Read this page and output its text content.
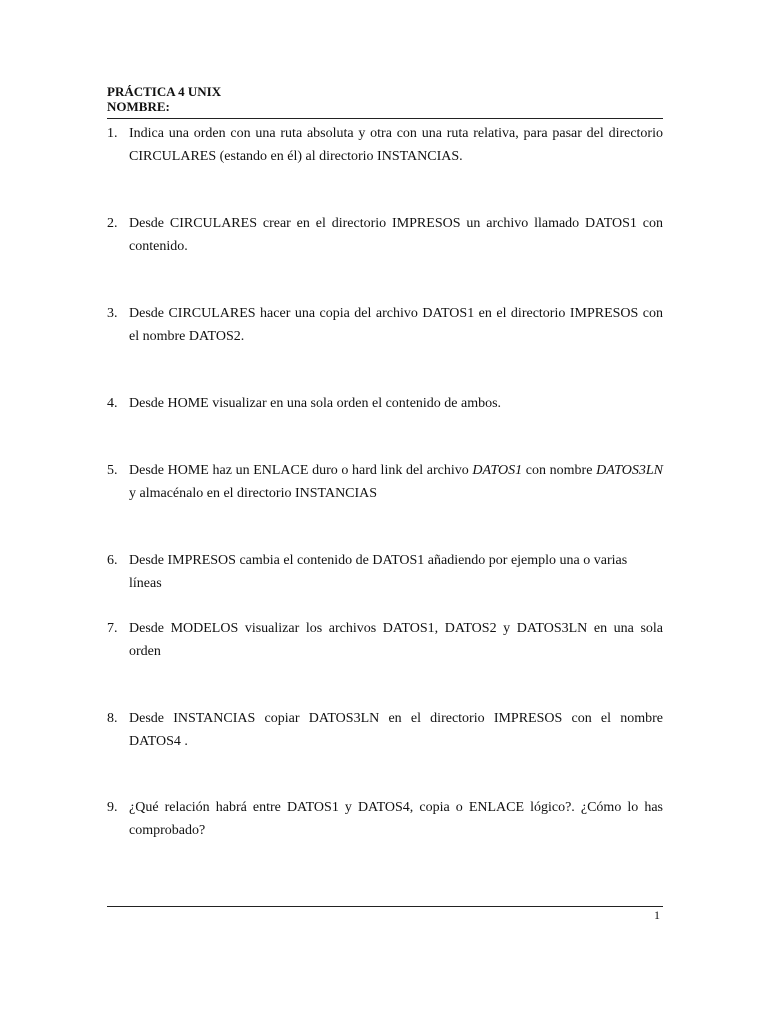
PRÁCTICA 4 UNIX
NOMBRE:
1. Indica una orden con una ruta absoluta y otra con una ruta relativa, para pasar del directorio
CIRCULARES (estando en él) al directorio INSTANCIAS.
2. Desde CIRCULARES crear en el directorio IMPRESOS un archivo llamado DATOS1 con
contenido.
3. Desde CIRCULARES hacer una copia del archivo DATOS1 en el directorio IMPRESOS con
el nombre DATOS2.
4. Desde HOME visualizar en una sola orden el contenido de ambos.
5. Desde HOME haz un ENLACE duro o hard link del archivo DATOS1 con nombre DATOS3LN
y almacénalo en el directorio INSTANCIAS
6. Desde IMPRESOS cambia el contenido de DATOS1 añadiendo por ejemplo una o varias líneas
7. Desde MODELOS visualizar los archivos DATOS1, DATOS2 y DATOS3LN en una sola
orden
8. Desde INSTANCIAS copiar DATOS3LN en el directorio IMPRESOS con el nombre
DATOS4 .
9. ¿Qué relación habrá entre DATOS1 y DATOS4, copia o ENLACE lógico?. ¿Cómo lo has
comprobado?
1
